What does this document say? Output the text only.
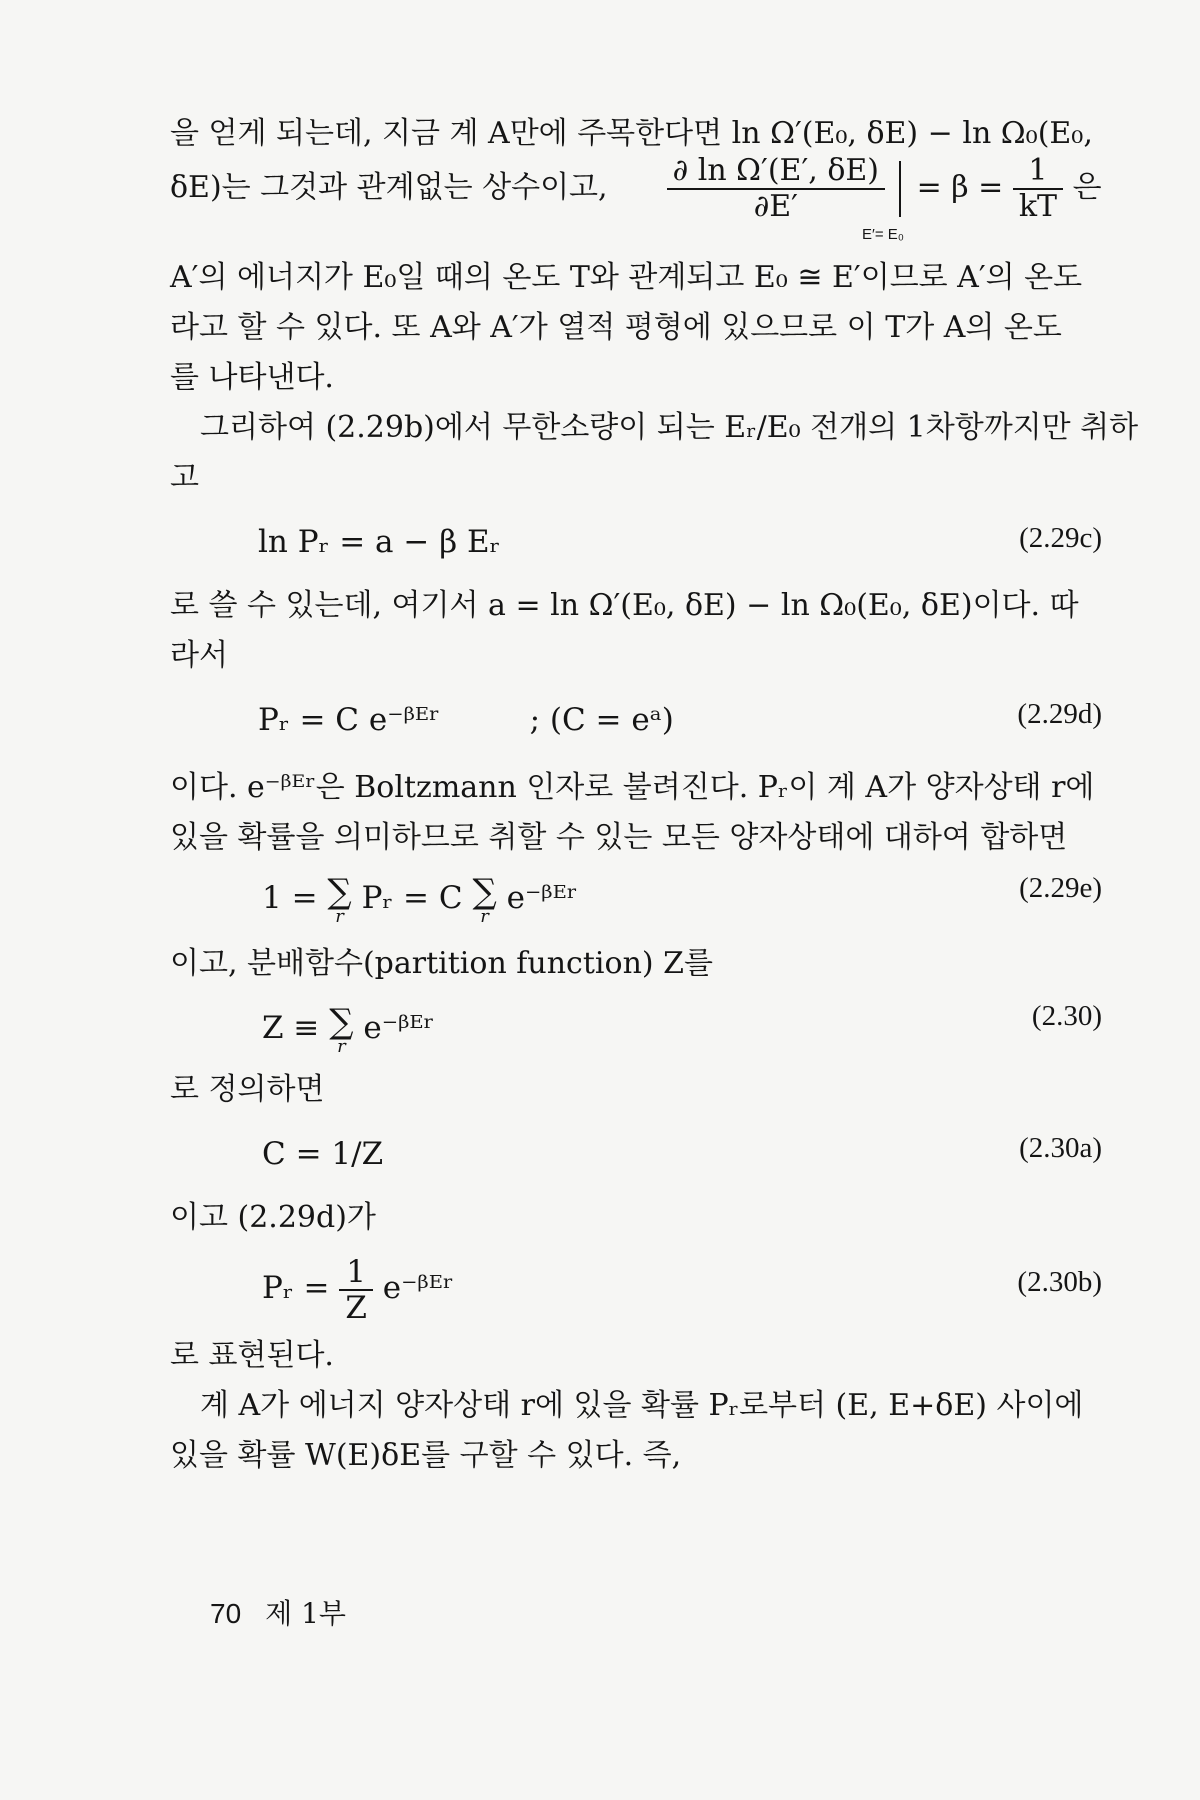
을 얻게 되는데, 지금 계 A만에 주목한다면 ln Ω′(E₀, δE) − ln Ω₀(E₀,
δE)는 그것과 관계없는 상수이고, $\frac{\text{∂ ln Ω′(E′, δE)}}{\partial E'} = \beta = \frac{1}{kT}$ 은
E′= E₀
A′의 에너지가 E₀일 때의 온도 T와 관계되고 E₀ ≅ E′이므로 A′의 온도
라고 할 수 있다. 또 A와 A′가 열적 평형에 있으므로 이 T가 A의 온도
를 나타낸다.
그리하여 (2.29b)에서 무한소량이 되는 Eᵣ/E₀ 전개의 1차항까지만 취하
고
ln Pᵣ = a − β Eᵣ	(2.29c)
로 쓸 수 있는데, 여기서 a = ln Ω′(E₀, δE) − ln Ω₀(E₀, δE)이다. 따
라서
Pᵣ = C e⁻ᵝᴱʳ	; (C = eᵃ)	(2.29d)
이다. e⁻ᵝᴱʳ은 Boltzmann 인자로 불려진다. Pᵣ이 계 A가 양자상태 r에
있을 확률을 의미하므로 취할 수 있는 모든 양자상태에 대하여 합하면
1 = ∑
r Pᵣ = C ∑
r e⁻ᵝᴱʳ	(2.29e)
이고, 분배함수(partition function) Z를
Z ≡ ∑
r e⁻ᵝᴱʳ	(2.30)
로 정의하면
C = 1/Z	(2.30a)
이고 (2.29d)가
Pᵣ = $\frac{1}{Z}$ e⁻ᵝᴱʳ	(2.30b)
로 표현된다.
계 A가 에너지 양자상태 r에 있을 확률 Pᵣ로부터 (E, E+δE) 사이에
있을 확률 W(E)δE를 구할 수 있다. 즉,
70 제 1부
